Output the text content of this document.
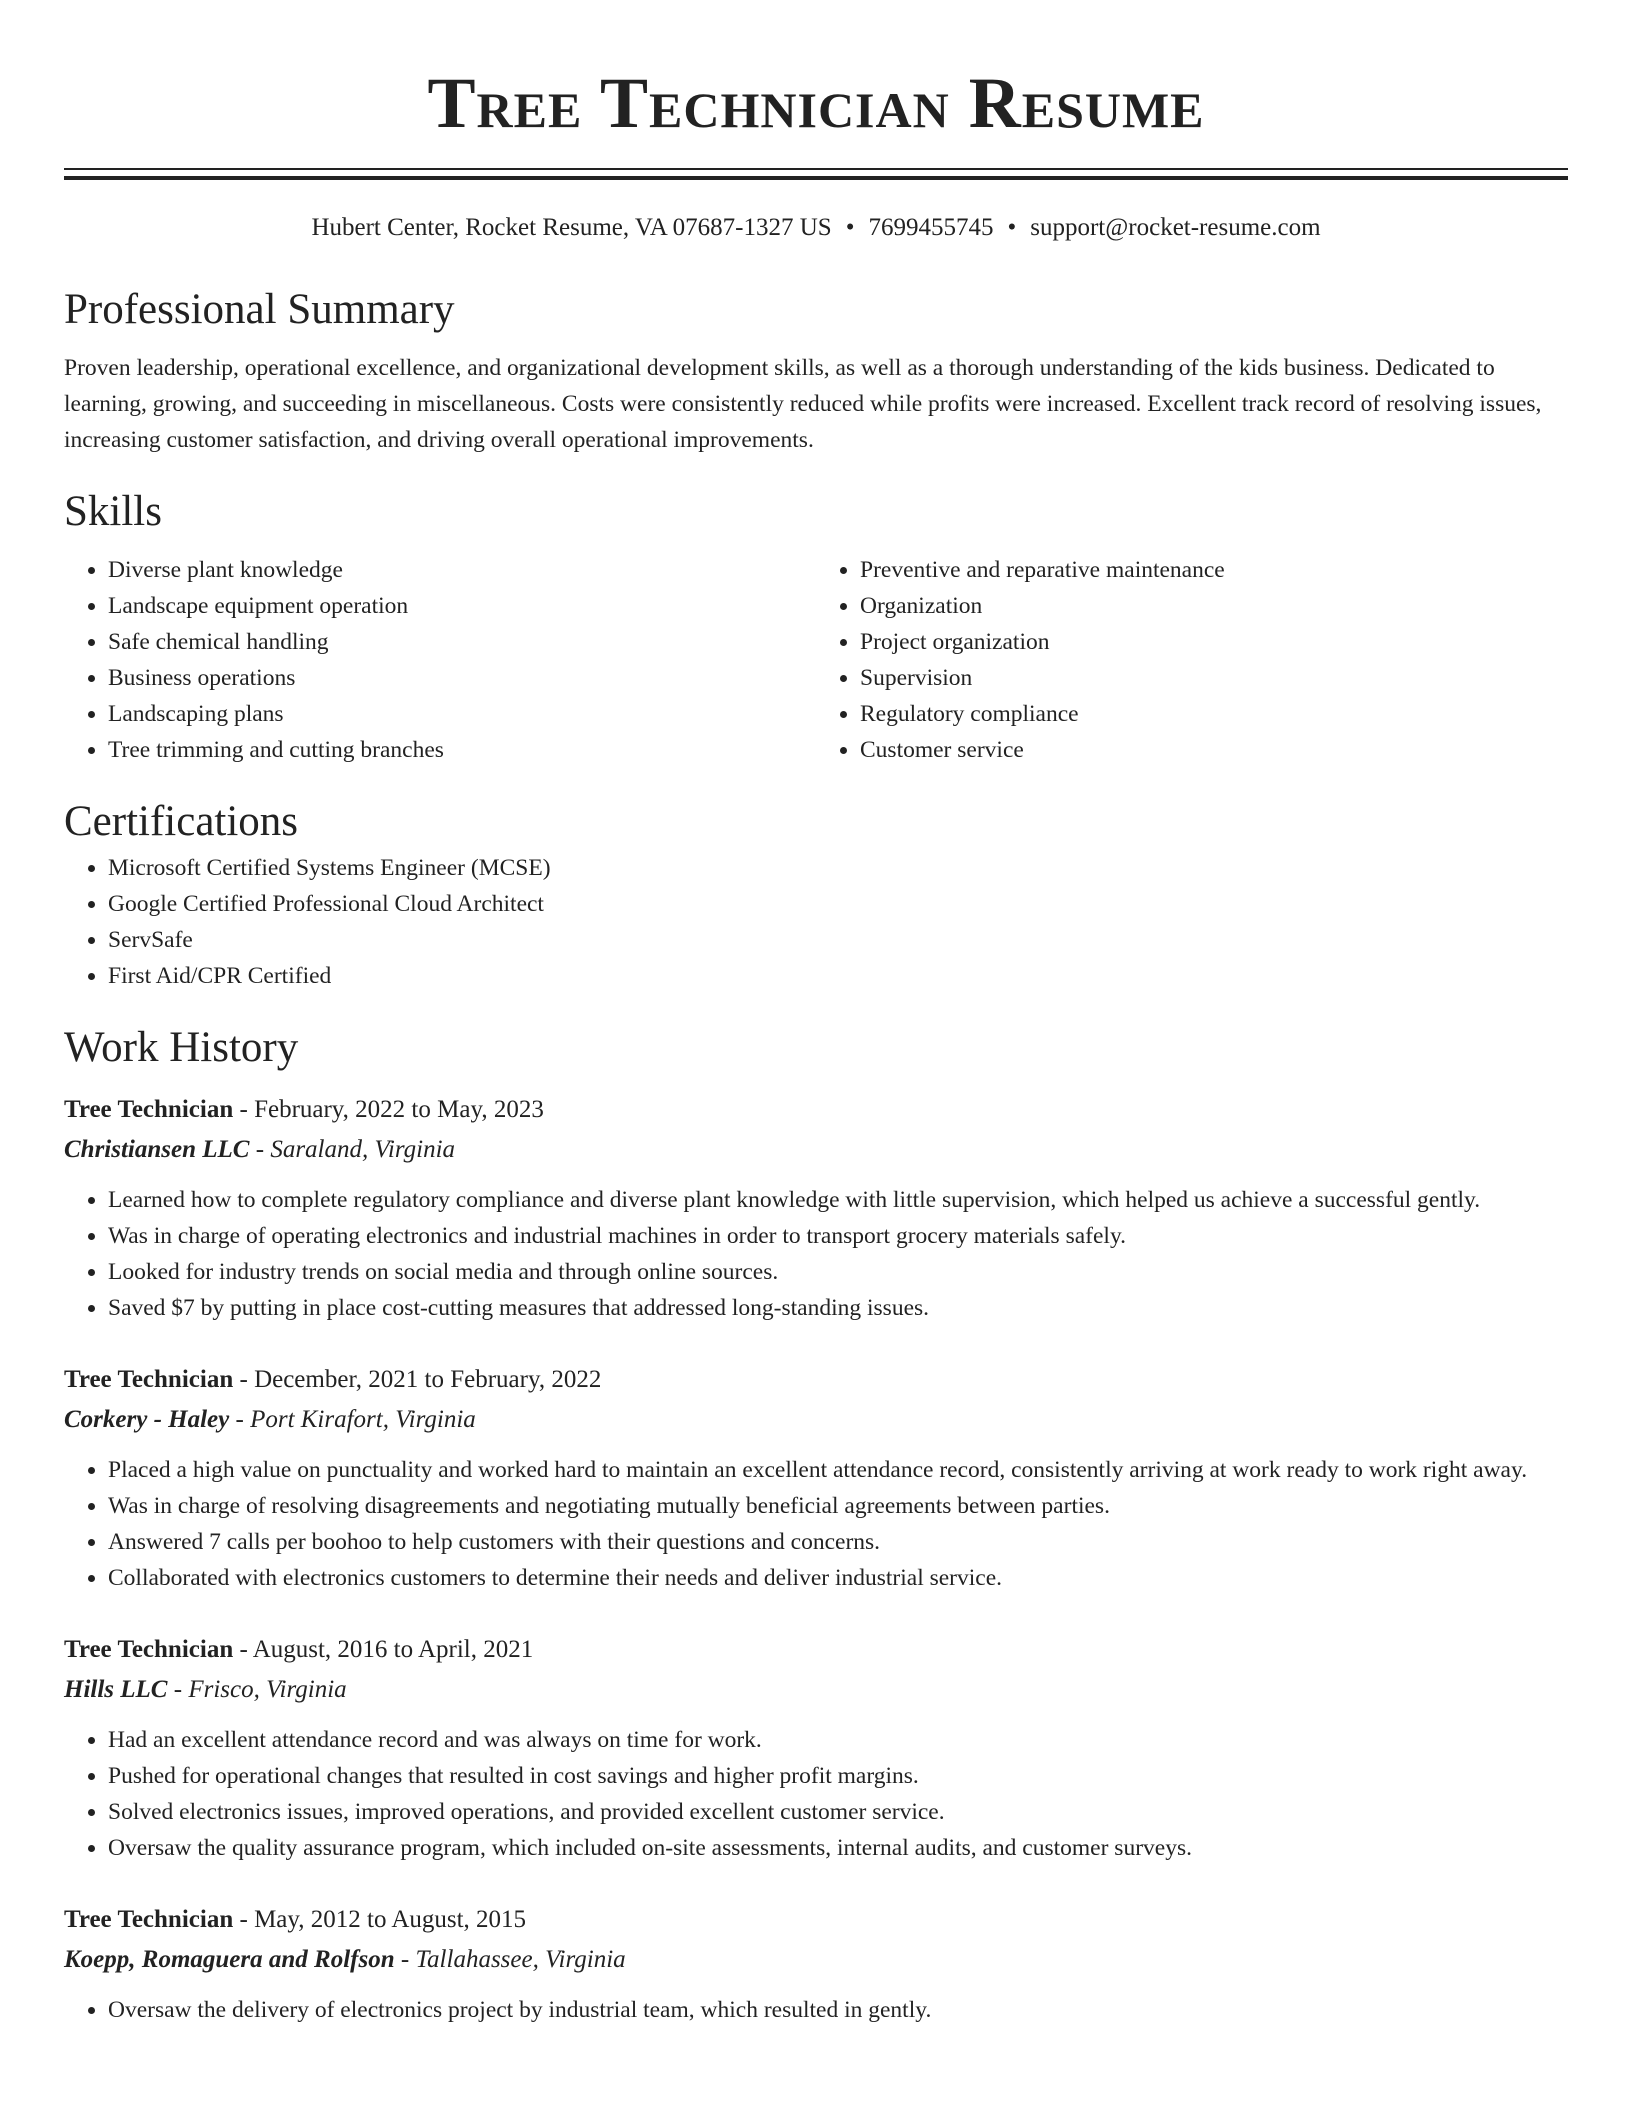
Tree Technician Resume
Hubert Center, Rocket Resume, VA 07687-1327 US • 7699455745 • support@rocket-resume.com
Professional Summary

Proven leadership, operational excellence, and organizational development skills, as well as a thorough understanding of the kids business. Dedicated to learning, growing, and succeeding in miscellaneous. Costs were consistently reduced while profits were increased. Excellent track record of resolving issues, increasing customer satisfaction, and driving overall operational improvements.

Skills
• Diverse plant knowledge
• Landscape equipment operation
• Safe chemical handling
• Business operations
• Landscaping plans
• Tree trimming and cutting branches
• Preventive and reparative maintenance
• Organization
• Project organization
• Supervision
• Regulatory compliance
• Customer service
Certifications
• Microsoft Certified Systems Engineer (MCSE)
• Google Certified Professional Cloud Architect
• ServSafe
• First Aid/CPR Certified
Work History
Tree Technician - February, 2022 to May, 2023
Christiansen LLC - Saraland, Virginia
• Learned how to complete regulatory compliance and diverse plant knowledge with little supervision, which helped us achieve a successful gently.
• Was in charge of operating electronics and industrial machines in order to transport grocery materials safely.
• Looked for industry trends on social media and through online sources.
• Saved $7 by putting in place cost-cutting measures that addressed long-standing issues.
Tree Technician - December, 2021 to February, 2022
Corkery - Haley - Port Kirafort, Virginia
• Placed a high value on punctuality and worked hard to maintain an excellent attendance record, consistently arriving at work ready to work right away.
• Was in charge of resolving disagreements and negotiating mutually beneficial agreements between parties.
• Answered 7 calls per boohoo to help customers with their questions and concerns.
• Collaborated with electronics customers to determine their needs and deliver industrial service.
Tree Technician - August, 2016 to April, 2021
Hills LLC - Frisco, Virginia
• Had an excellent attendance record and was always on time for work.
• Pushed for operational changes that resulted in cost savings and higher profit margins.
• Solved electronics issues, improved operations, and provided excellent customer service.
• Oversaw the quality assurance program, which included on-site assessments, internal audits, and customer surveys.
Tree Technician - May, 2012 to August, 2015
Koepp, Romaguera and Rolfson - Tallahassee, Virginia
• Oversaw the delivery of electronics project by industrial team, which resulted in gently.
